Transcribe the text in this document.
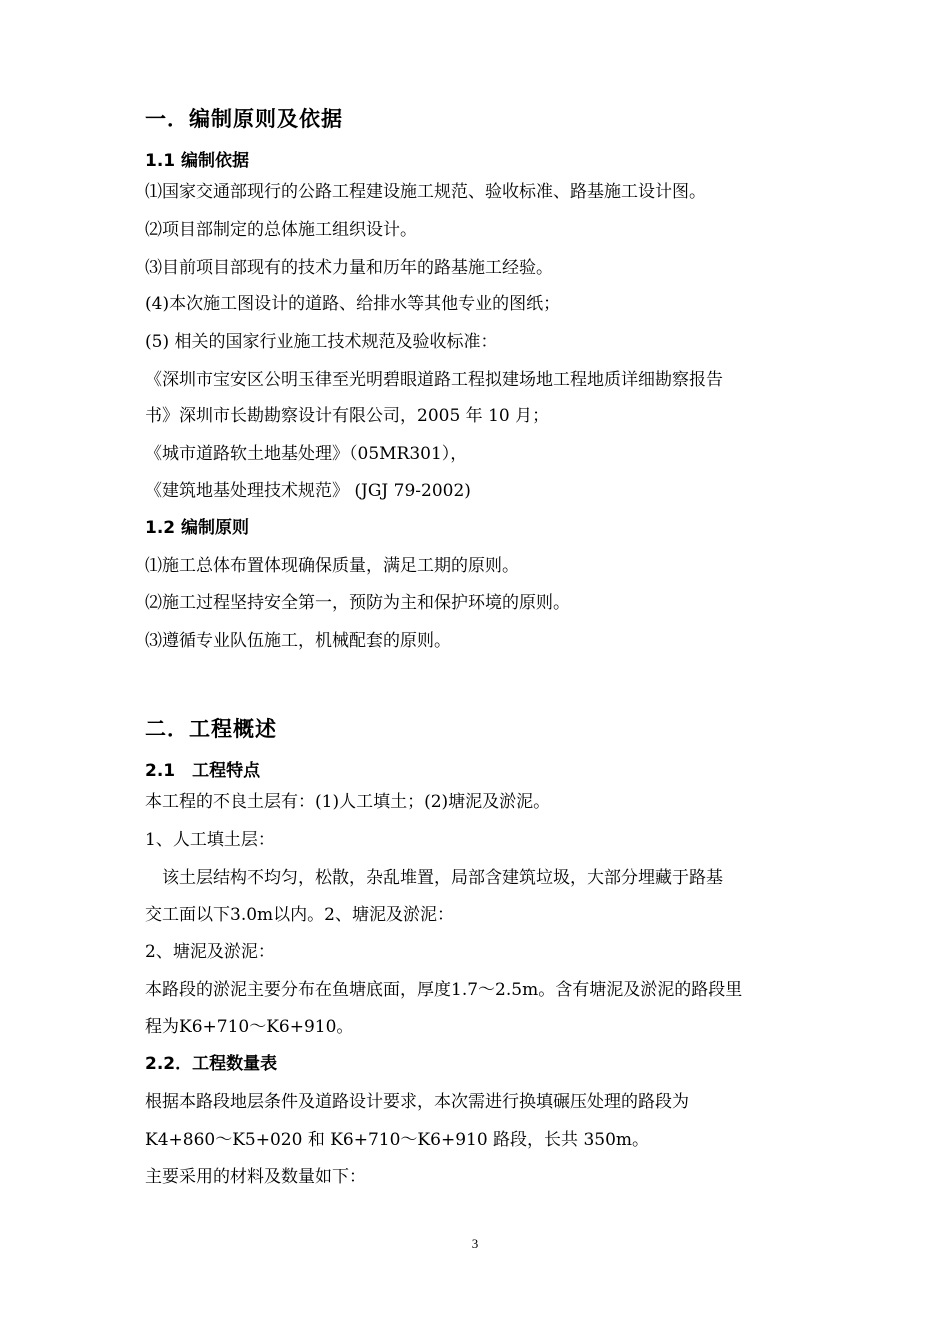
一．编制原则及依据
1.1 编制依据
⑴国家交通部现行的公路工程建设施工规范、验收标准、路基施工设计图。
⑵项目部制定的总体施工组织设计。
⑶目前项目部现有的技术力量和历年的路基施工经验。
(4)本次施工图设计的道路、给排水等其他专业的图纸；
(5) 相关的国家行业施工技术规范及验收标准：
《深圳市宝安区公明玉律至光明碧眼道路工程拟建场地工程地质详细勘察报告
书》深圳市长勘勘察设计有限公司，2005 年 10 月；
《城市道路软土地基处理》（05MR301），
《建筑地基处理技术规范》 (JGJ 79-2002)
1.2 编制原则
⑴施工总体布置体现确保质量，满足工期的原则。
⑵施工过程坚持安全第一，预防为主和保护环境的原则。
⑶遵循专业队伍施工，机械配套的原则。
二．工程概述
2.1　工程特点
本工程的不良土层有：(1)人工填土；(2)塘泥及淤泥。
1、人工填土层：
　该土层结构不均匀，松散，杂乱堆置，局部含建筑垃圾，大部分埋藏于路基
交工面以下3.0m以内。2、塘泥及淤泥：
2、塘泥及淤泥：
本路段的淤泥主要分布在鱼塘底面，厚度1.7～2.5m。含有塘泥及淤泥的路段里
程为K6+710～K6+910。
2.2．工程数量表
根据本路段地层条件及道路设计要求，本次需进行换填碾压处理的路段为
K4+860～K5+020 和 K6+710～K6+910 路段，长共 350m。
主要采用的材料及数量如下：
3
